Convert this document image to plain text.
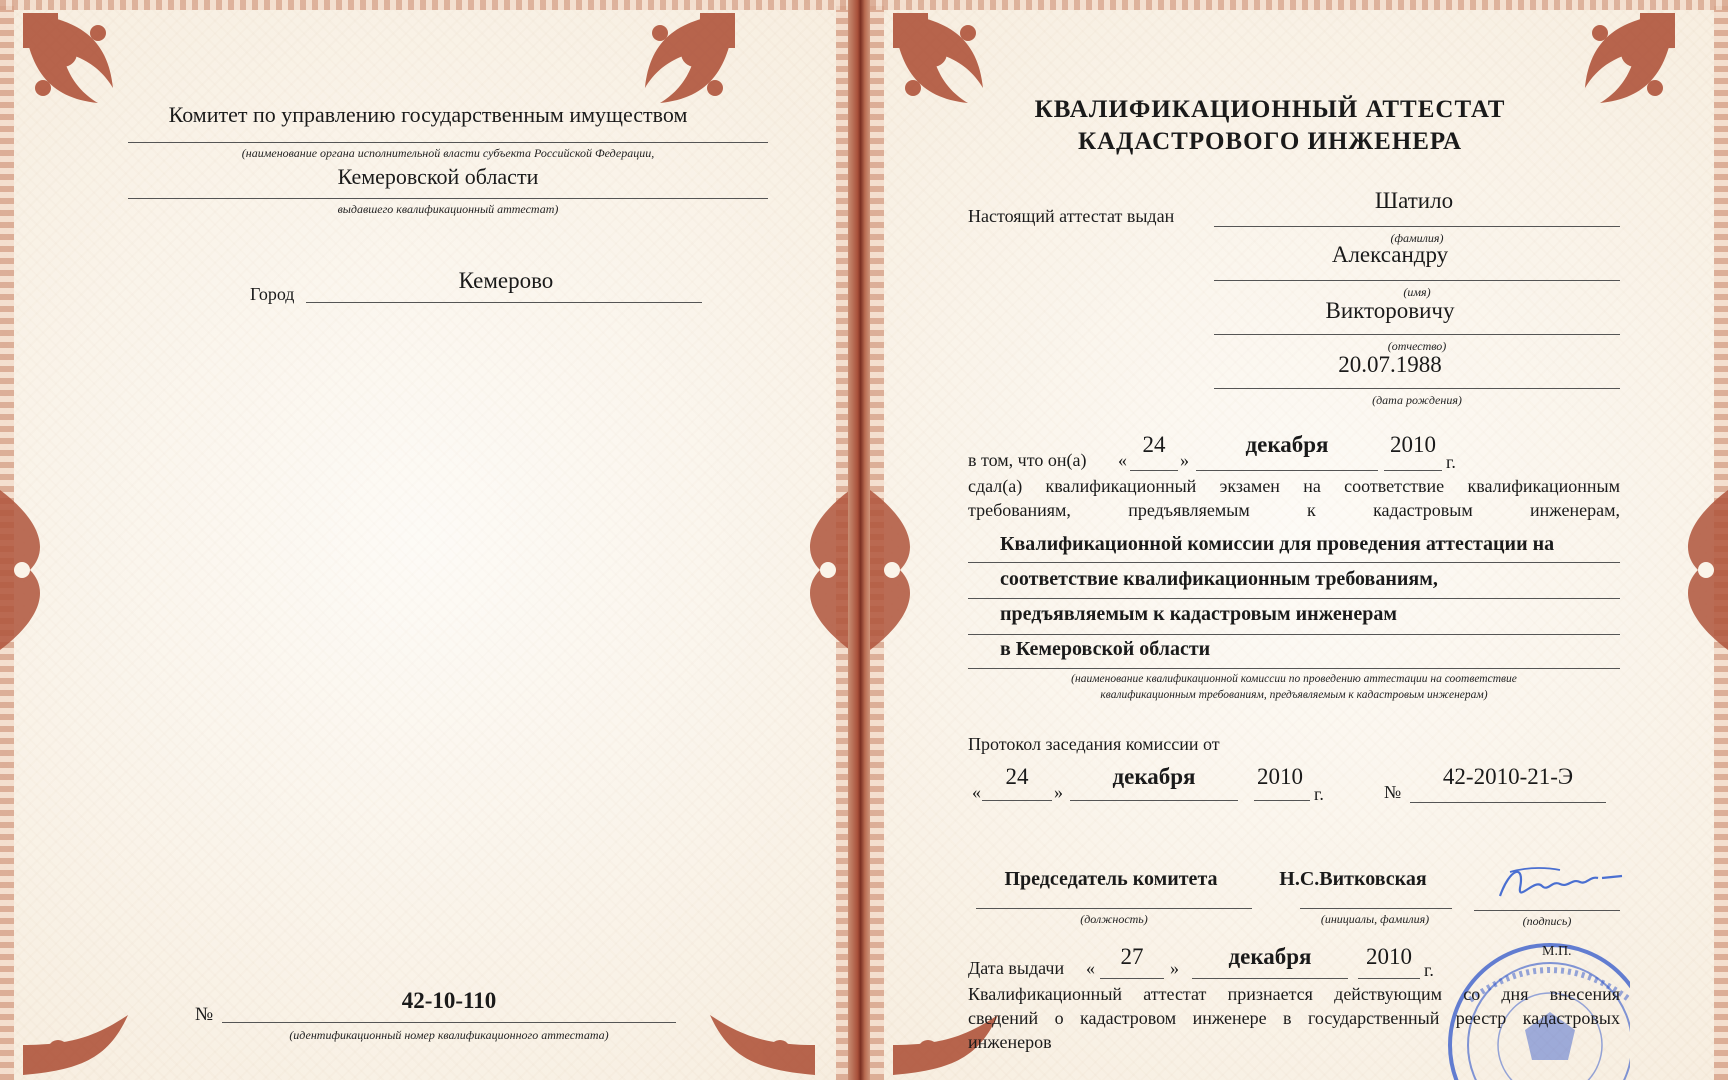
Комитет по управлению государственным имуществом
(наименование органа исполнительной власти субъекта Российской Федерации,
Кемеровской области
выдавшего квалификационный аттестат)
Город
Кемерово
№
42-10-110
(идентификационный номер квалификационного аттестата)
КВАЛИФИКАЦИОННЫЙ АТТЕСТАТ
КАДАСТРОВОГО ИНЖЕНЕРА
Настоящий аттестат выдан
Шатило
(фамилия)
Александру
(имя)
Викторовичу
(отчество)
20.07.1988
(дата рождения)
в том, что он(а) «
24
»
декабря	2010
г.
сдал(а) квалификационный экзамен на соответствие квалификационным
требованиям, предъявляемым к кадастровым инженерам,
Квалификационной комиссии для проведения аттестации на
соответствие квалификационным требованиям,
предъявляемым к кадастровым инженерам
в Кемеровской области
(наименование квалификационной комиссии по проведению аттестации на соответствие
квалификационным требованиям, предъявляемым к кадастровым инженерам)
Протокол заседания комиссии от
«
24
»
декабря	2010
г.	№
42-2010-21-Э
Председатель комитета
(должность)
Н.С.Витковская
(инициалы, фамилия)	(подпись)
М.П.
Дата выдачи «	27	»	декабря	2010
г.
Квалификационный аттестат признается действующим со дня внесения
сведений о кадастровом инженере в государственный реестр кадастровых
инженеров
